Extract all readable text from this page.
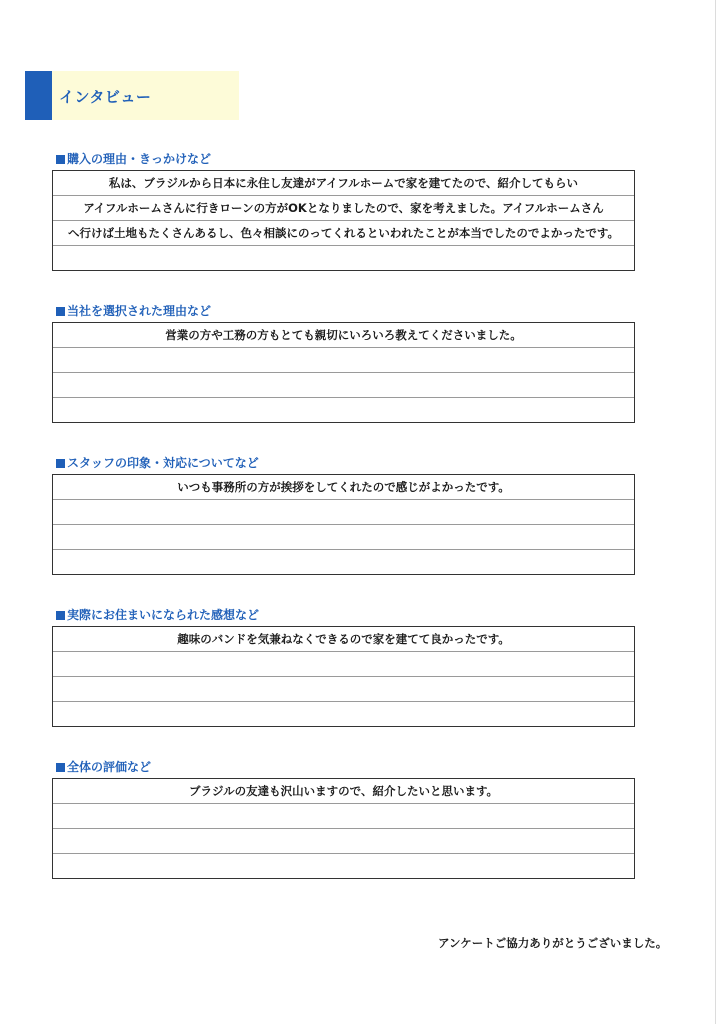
インタビュー
購入の理由・きっかけなど
私は、ブラジルから日本に永住し友達がアイフルホームで家を建てたので、紹介してもらい
アイフルホームさんに行きローンの方がOKとなりましたので、家を考えました。アイフルホームさん
へ行けば土地もたくさんあるし、色々相談にのってくれるといわれたことが本当でしたのでよかったです。
当社を選択された理由など
営業の方や工務の方もとても親切にいろいろ教えてくださいました。
スタッフの印象・対応についてなど
いつも事務所の方が挨拶をしてくれたので感じがよかったです。
実際にお住まいになられた感想など
趣味のバンドを気兼ねなくできるので家を建てて良かったです。
全体の評価など
ブラジルの友達も沢山いますので、紹介したいと思います。
アンケートご協力ありがとうございました。
